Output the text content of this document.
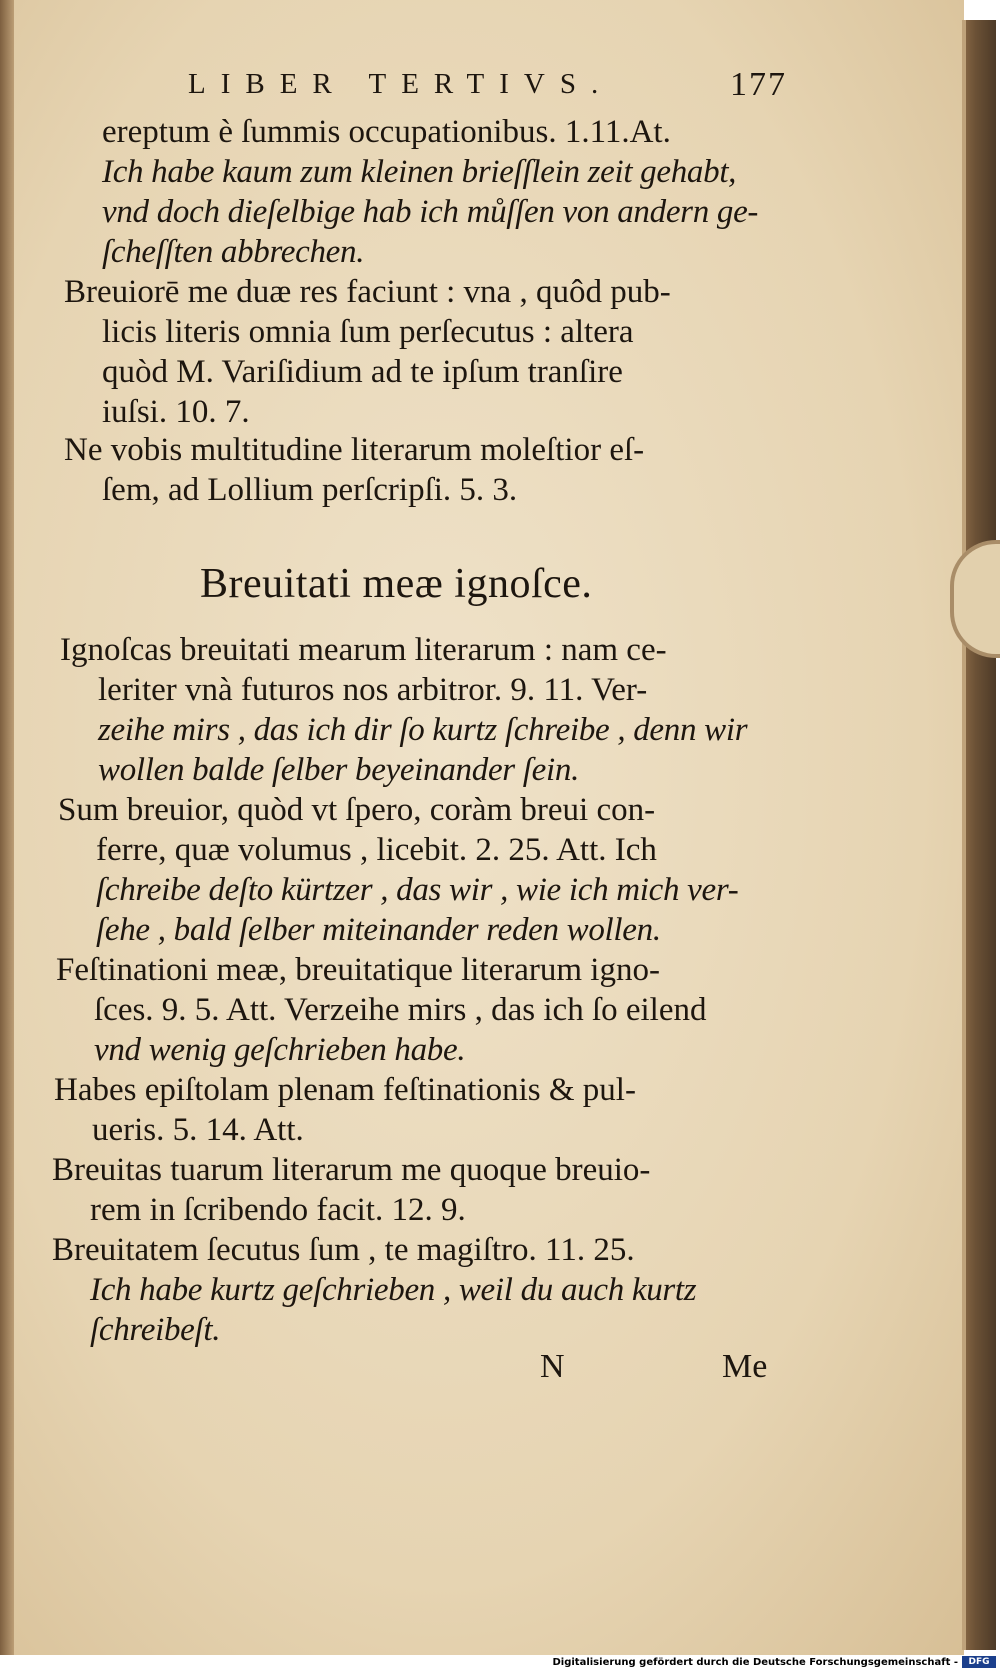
LIBER TERTIVS.	177
ereptum è ſummis occupationibus. 1.11.At.
Ich habe kaum zum kleinen brieſſlein zeit gehabt,
vnd doch dieſelbige hab ich můſſen von andern ge-
ſcheſſten abbrechen.
Breuiorē me duæ res faciunt : vna , quôd pub-
licis literis omnia ſum perſecutus : altera
quòd M. Variſidium ad te ipſum tranſire
iuſsi. 10. 7.
Ne vobis multitudine literarum moleſtior eſ-
ſem, ad Lollium perſcripſi. 5. 3.
Breuitati meæ ignoſce.
Ignoſcas breuitati mearum literarum : nam ce-
leriter vnà futuros nos arbitror. 9. 11. Ver-
zeihe mirs , das ich dir ſo kurtz ſchreibe , denn wir
wollen balde ſelber beyeinander ſein.
Sum breuior, quòd vt ſpero, coràm breui con-
ferre, quæ volumus , licebit. 2. 25. Att. Ich
ſchreibe deſto kürtzer , das wir , wie ich mich ver-
ſehe , bald ſelber miteinander reden wollen.
Feſtinationi meæ, breuitatique literarum igno-
ſces. 9. 5. Att. Verzeihe mirs , das ich ſo eilend
vnd wenig geſchrieben habe.
Habes epiſtolam plenam feſtinationis & pul-
ueris. 5. 14. Att.
Breuitas tuarum literarum me quoque breuio-
rem in ſcribendo facit. 12. 9.
Breuitatem ſecutus ſum , te magiſtro. 11. 25.
Ich habe kurtz geſchrieben , weil du auch kurtz
ſchreibeſt.
N	Me
Digitalisierung gefördert durch die Deutsche Forschungsgemeinschaft -	DFG
